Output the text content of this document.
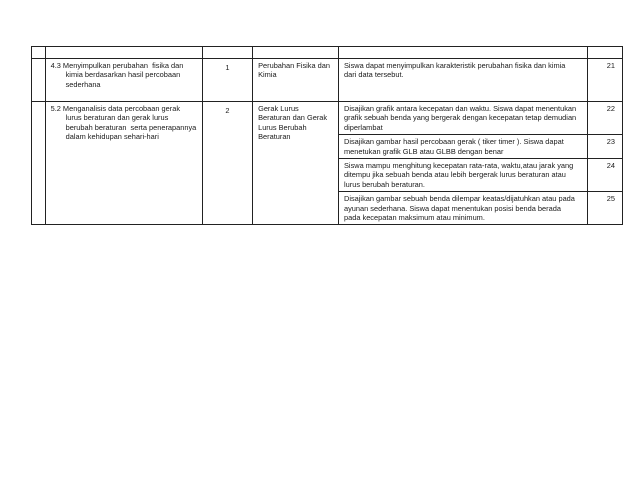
	4.3 Menyimpulkan perubahan  fisika dan kimia berdasarkan hasil percobaan sederhana	1	Perubahan Fisika dan Kimia	Siswa dapat menyimpulkan karakteristik perubahan fisika dan kimia dari data tersebut.	21
	5.2 Menganalisis data percobaan gerak lurus beraturan dan gerak lurus berubah beraturan  serta penerapannya dalam kehidupan sehari-hari	2	Gerak Lurus Beraturan dan Gerak Lurus Berubah Beraturan	Disajikan grafik antara kecepatan dan waktu. Siswa dapat menentukan grafik sebuah benda yang bergerak dengan kecepatan tetap demudian diperlambat	22
				Disajikan gambar hasil percobaan gerak ( tiker timer ). Siswa dapat menetukan grafik GLB atau GLBB dengan benar	23
				Siswa mampu menghitung kecepatan rata-rata, waktu,atau jarak yang ditempu jika sebuah benda atau lebih bergerak lurus beraturan atau lurus berubah beraturan.	24
				Disajikan gambar sebuah benda dilempar keatas/dijatuhkan atau pada ayunan sederhana. Siswa dapat menentukan posisi benda berada pada kecepatan maksimum atau minimum.	25
